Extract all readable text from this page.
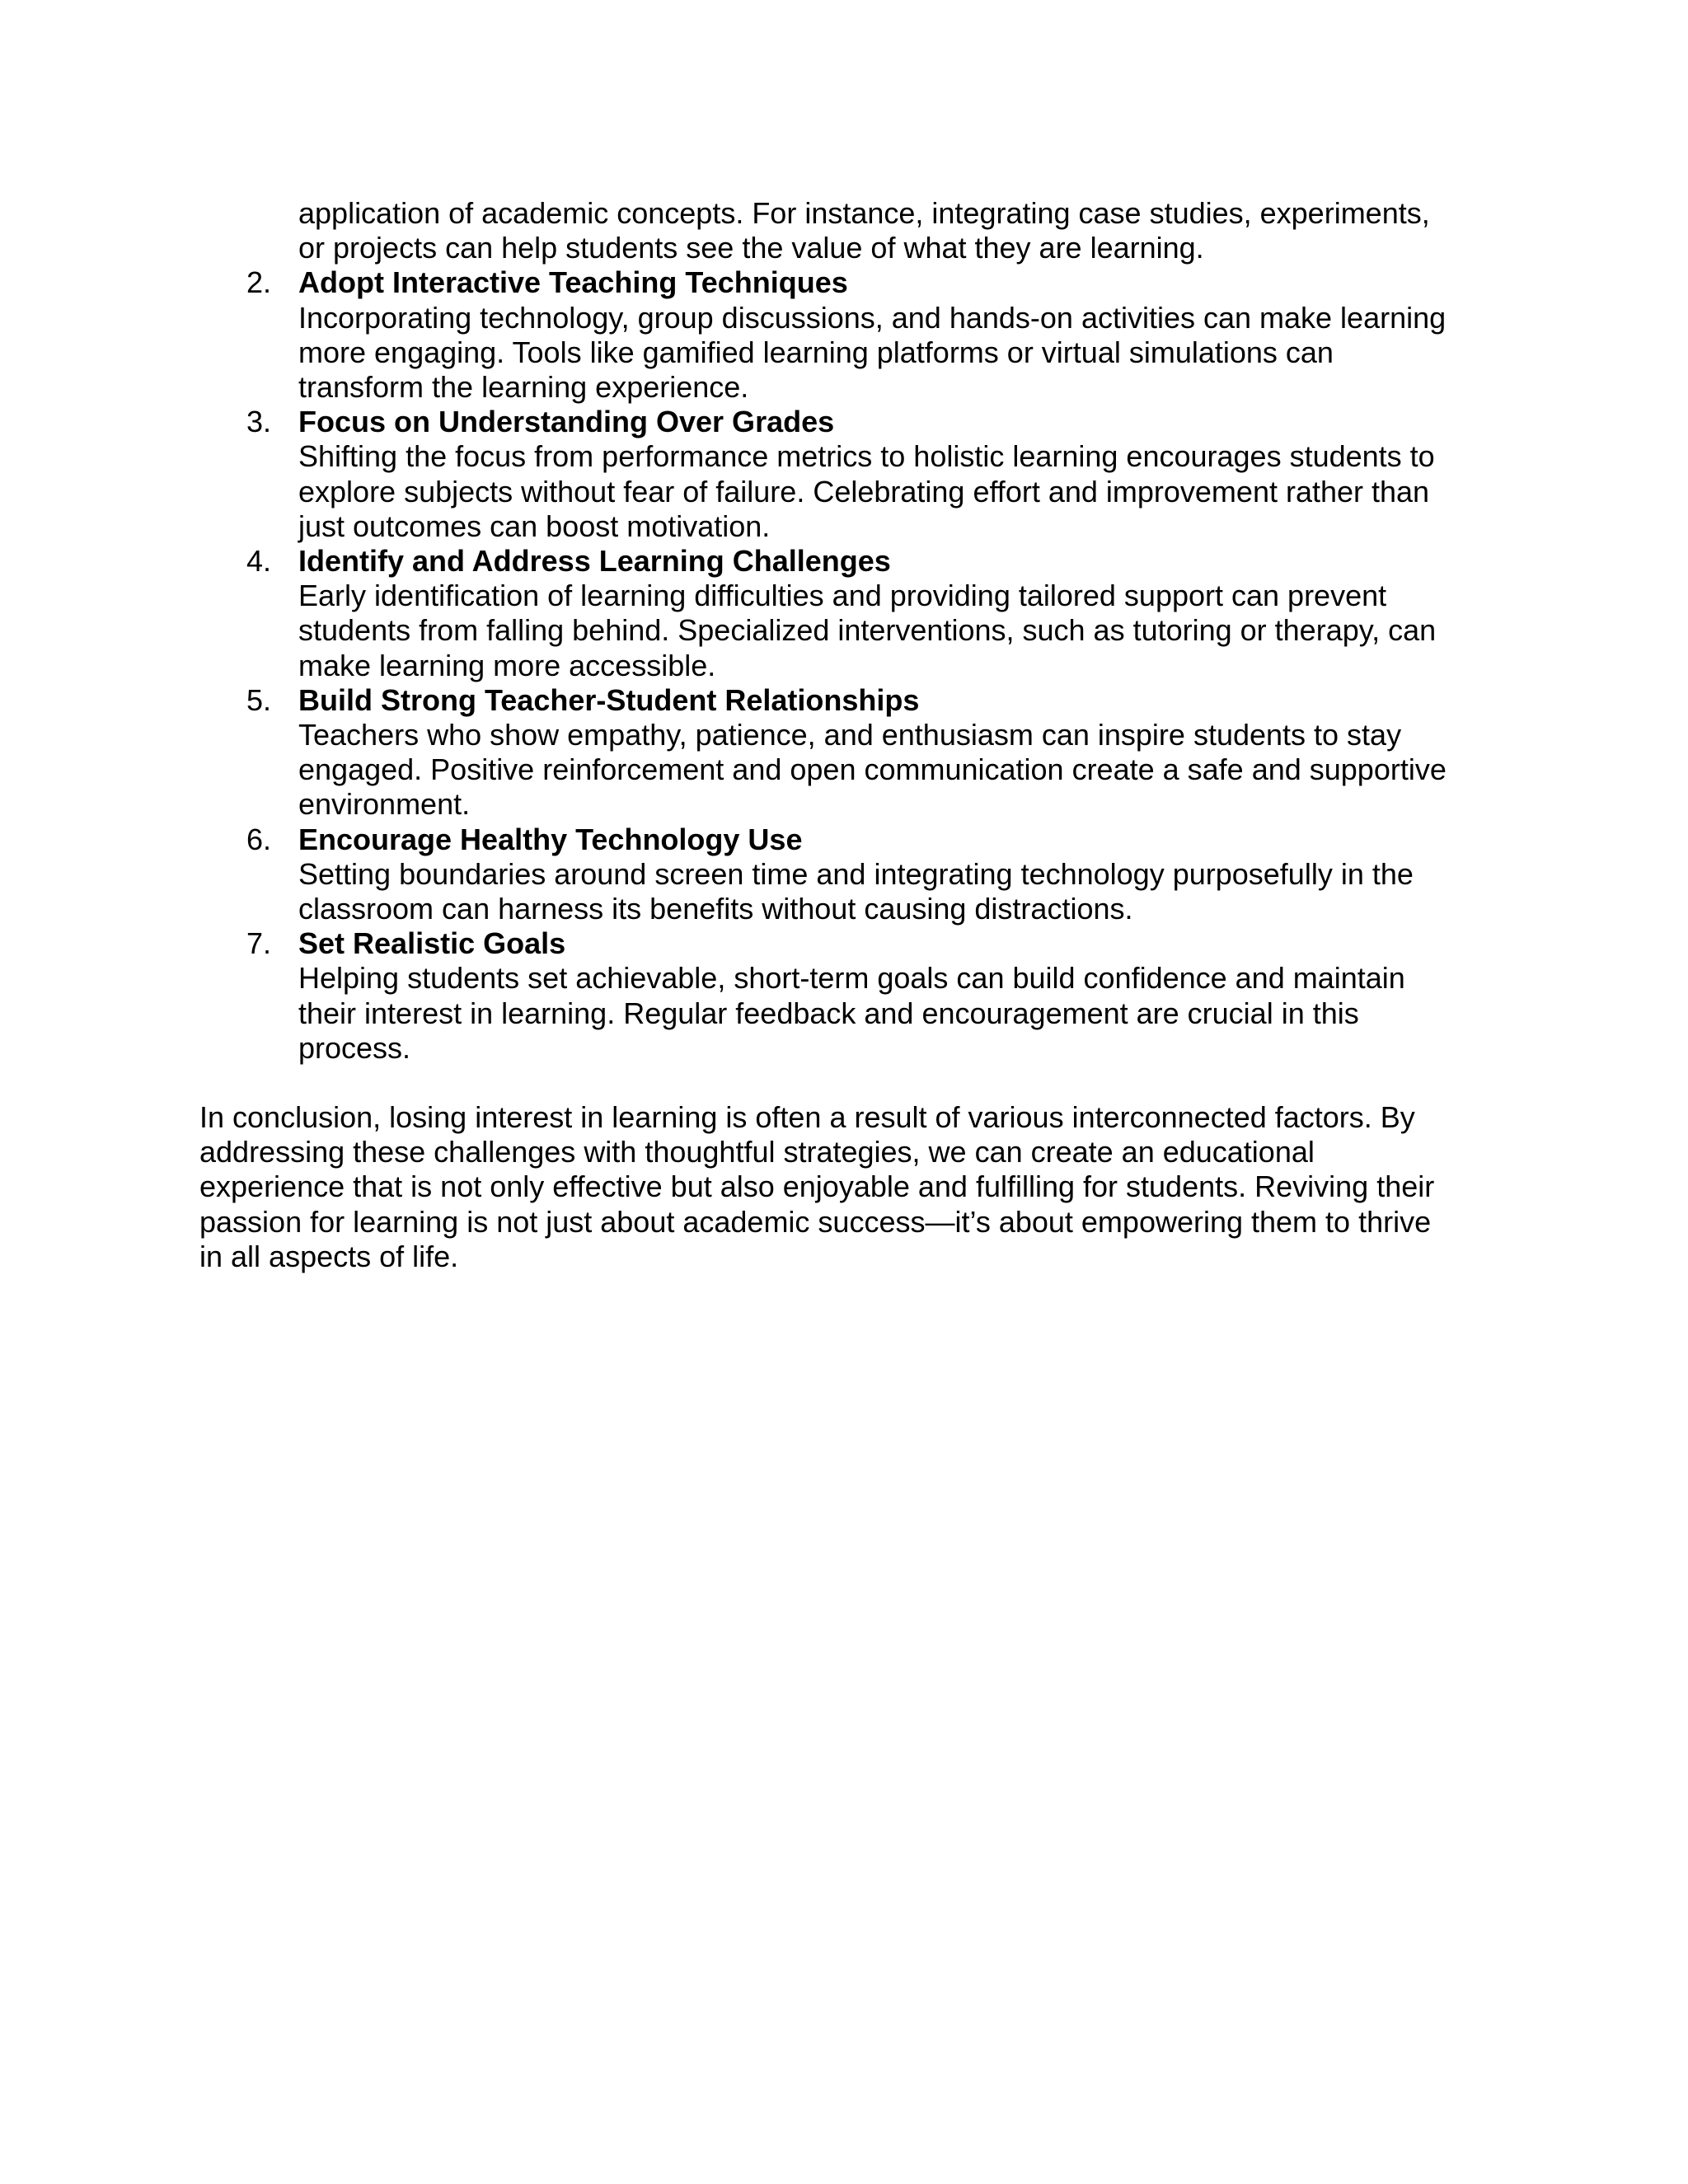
application of academic concepts. For instance, integrating case studies, experiments,
or projects can help students see the value of what they are learning.
2. Adopt Interactive Teaching Techniques
Incorporating technology, group discussions, and hands-on activities can make learning
more engaging. Tools like gamified learning platforms or virtual simulations can
transform the learning experience.
3. Focus on Understanding Over Grades
Shifting the focus from performance metrics to holistic learning encourages students to
explore subjects without fear of failure. Celebrating effort and improvement rather than
just outcomes can boost motivation.
4. Identify and Address Learning Challenges
Early identification of learning difficulties and providing tailored support can prevent
students from falling behind. Specialized interventions, such as tutoring or therapy, can
make learning more accessible.
5. Build Strong Teacher-Student Relationships
Teachers who show empathy, patience, and enthusiasm can inspire students to stay
engaged. Positive reinforcement and open communication create a safe and supportive
environment.
6. Encourage Healthy Technology Use
Setting boundaries around screen time and integrating technology purposefully in the
classroom can harness its benefits without causing distractions.
7. Set Realistic Goals
Helping students set achievable, short-term goals can build confidence and maintain
their interest in learning. Regular feedback and encouragement are crucial in this
process.
In conclusion, losing interest in learning is often a result of various interconnected factors. By
addressing these challenges with thoughtful strategies, we can create an educational
experience that is not only effective but also enjoyable and fulfilling for students. Reviving their
passion for learning is not just about academic success—it’s about empowering them to thrive
in all aspects of life.
